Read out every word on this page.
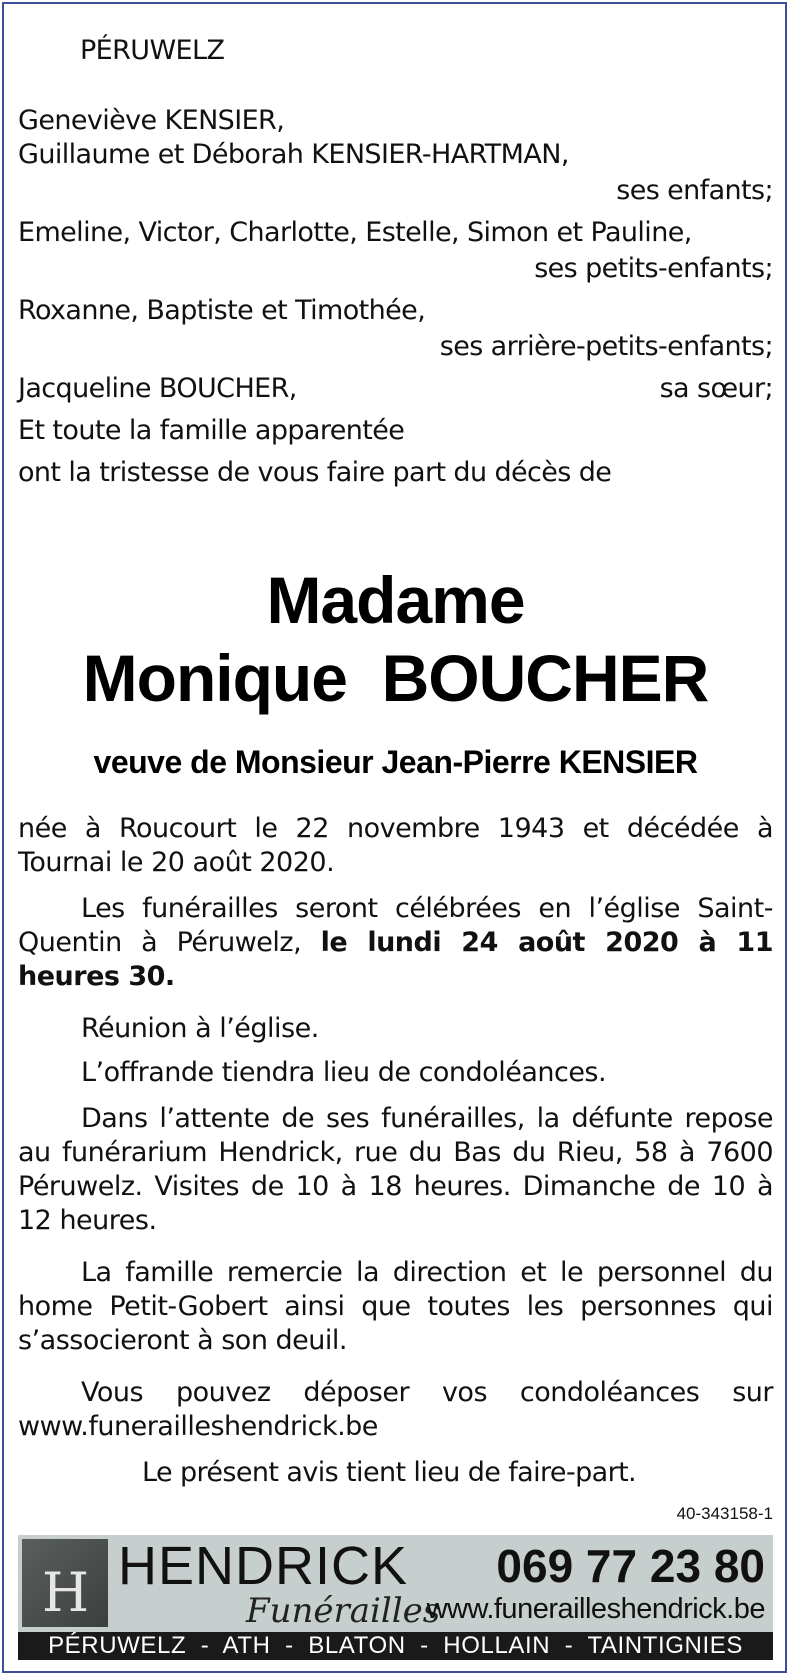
PÉRUWELZ
Geneviève KENSIER,
Guillaume et Déborah KENSIER-HARTMAN,
ses enfants;
Emeline, Victor, Charlotte, Estelle, Simon et Pauline,
ses petits-enfants;
Roxanne, Baptiste et Timothée,
ses arrière-petits-enfants;
Jacqueline BOUCHER,	sa sœur;
Et toute la famille apparentée
ont la tristesse de vous faire part du décès de
Madame
Monique  BOUCHER
veuve de Monsieur Jean-Pierre KENSIER
née à Roucourt le 22 novembre 1943 et décédée à Tournai le 20 août 2020.
Les funérailles seront célébrées en l’église Saint-Quentin à Péruwelz, le lundi 24 août 2020 à 11 heures 30.
Réunion à l’église.
L’offrande tiendra lieu de condoléances.
Dans l’attente de ses funérailles, la défunte repose au funérarium Hendrick, rue du Bas du Rieu, 58 à 7600 Péruwelz. Visites de 10 à 18 heures. Dimanche de 10 à 12 heures.
La famille remercie la direction et le personnel du home Petit-Gobert ainsi que toutes les personnes qui s’associeront à son deuil.
Vous pouvez déposer vos condoléances sur www.funerailleshendrick.be
Le présent avis tient lieu de faire-part.
40-343158-1
H HENDRICK
Funérailles
069 77 23 80
www.funerailleshendrick.be
PÉRUWELZ  -  ATH  -  BLATON  -  HOLLAIN  -  TAINTIGNIES
